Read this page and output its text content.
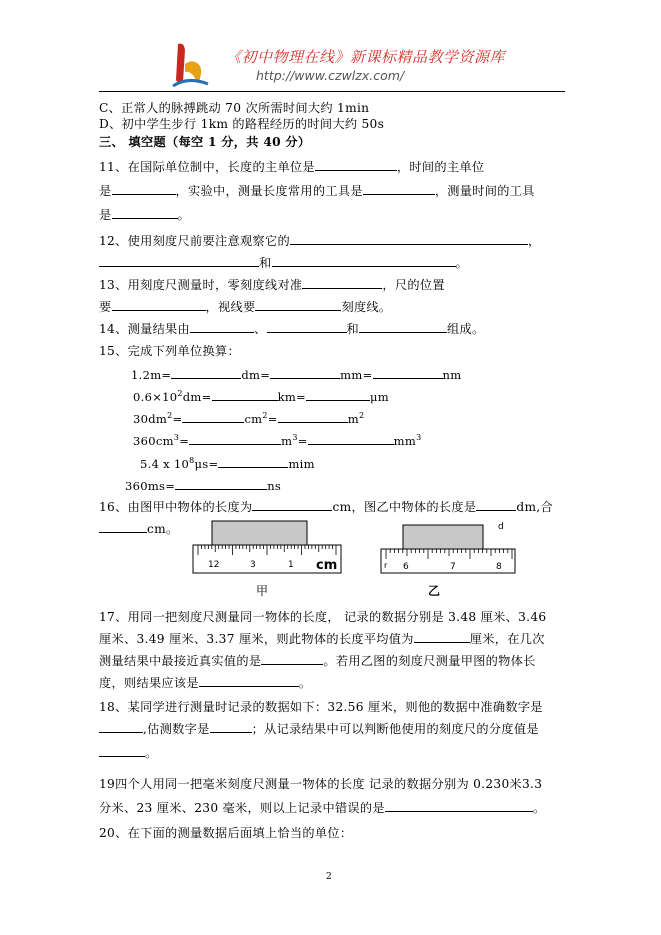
《初中物理在线》新课标精品教学资源库
http://www.czwlzx.com/
C、正常人的脉搏跳动 70 次所需时间大约 1min
D、初中学生步行 1km 的路程经历的时间大约 50s
三、 填空题（每空 1 分，共 40 分）
11、在国际单位制中，长度的主单位是	，时间的主单位
是	，实验中，测量长度常用的工具是	，测量时间的工具
是	。
12、使用刻度尺前要注意观察它的	，
和	。
13、用刻度尺测量时，零刻度线对准	，尺的位置
要	，视线要	刻度线。
14、测量结果由	、	和	组成。
15、完成下列单位换算：
1.2m=	dm=	mm=	nm
$0.6\times 10^2dm=$	km=	μm
$30dm^2=$	$cm^2=$	$m^2$
$360cm^3=$	$m^3=$	$mm^3$
5.4 x $10^8\mu s=$	mim
360ms=	ns
16、由图甲中物体的长度为	cm，图乙中物体的长度是	dm,合
cm。
12	3	1 cm
甲
d
r 6	7	8
乙
17、用同一把刻度尺测量同一物体的长度， 记录的数据分别是 3.48 厘米、3.46
厘米、3.49 厘米、3.37 厘米，则此物体的长度平均值为	厘米，在几次
测量结果中最接近真实值的是	。若用乙图的刻度尺测量甲图的物体长
度，则结果应该是	。
18、某同学进行测量时记录的数据如下：32.56 厘米，则他的数据中准确数字是
,估测数字是	；从记录结果中可以判断他使用的刻度尺的分度值是
。
19四个人用同一把毫米刻度尺测量一物体的长度 记录的数据分别为 0.230米3.3
分米、23 厘米、230 毫米，则以上记录中错误的是	。
20、在下面的测量数据后面填上恰当的单位：
2
